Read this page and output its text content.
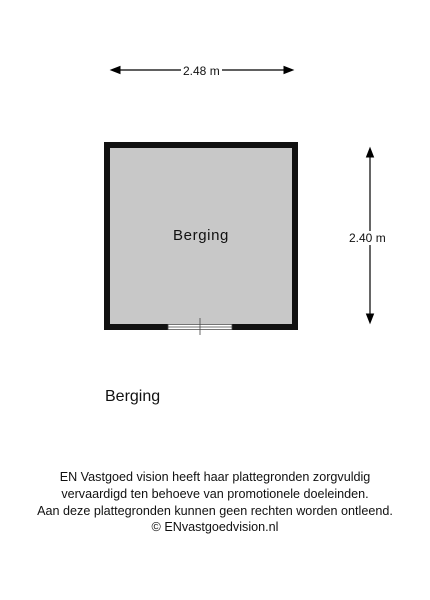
2.48 m
2.40 m
Berging
Berging
EN Vastgoed vision heeft haar plattegronden zorgvuldig
vervaardigd ten behoeve van promotionele doeleinden.
Aan deze plattegronden kunnen geen rechten worden ontleend.
© ENvastgoedvision.nl
